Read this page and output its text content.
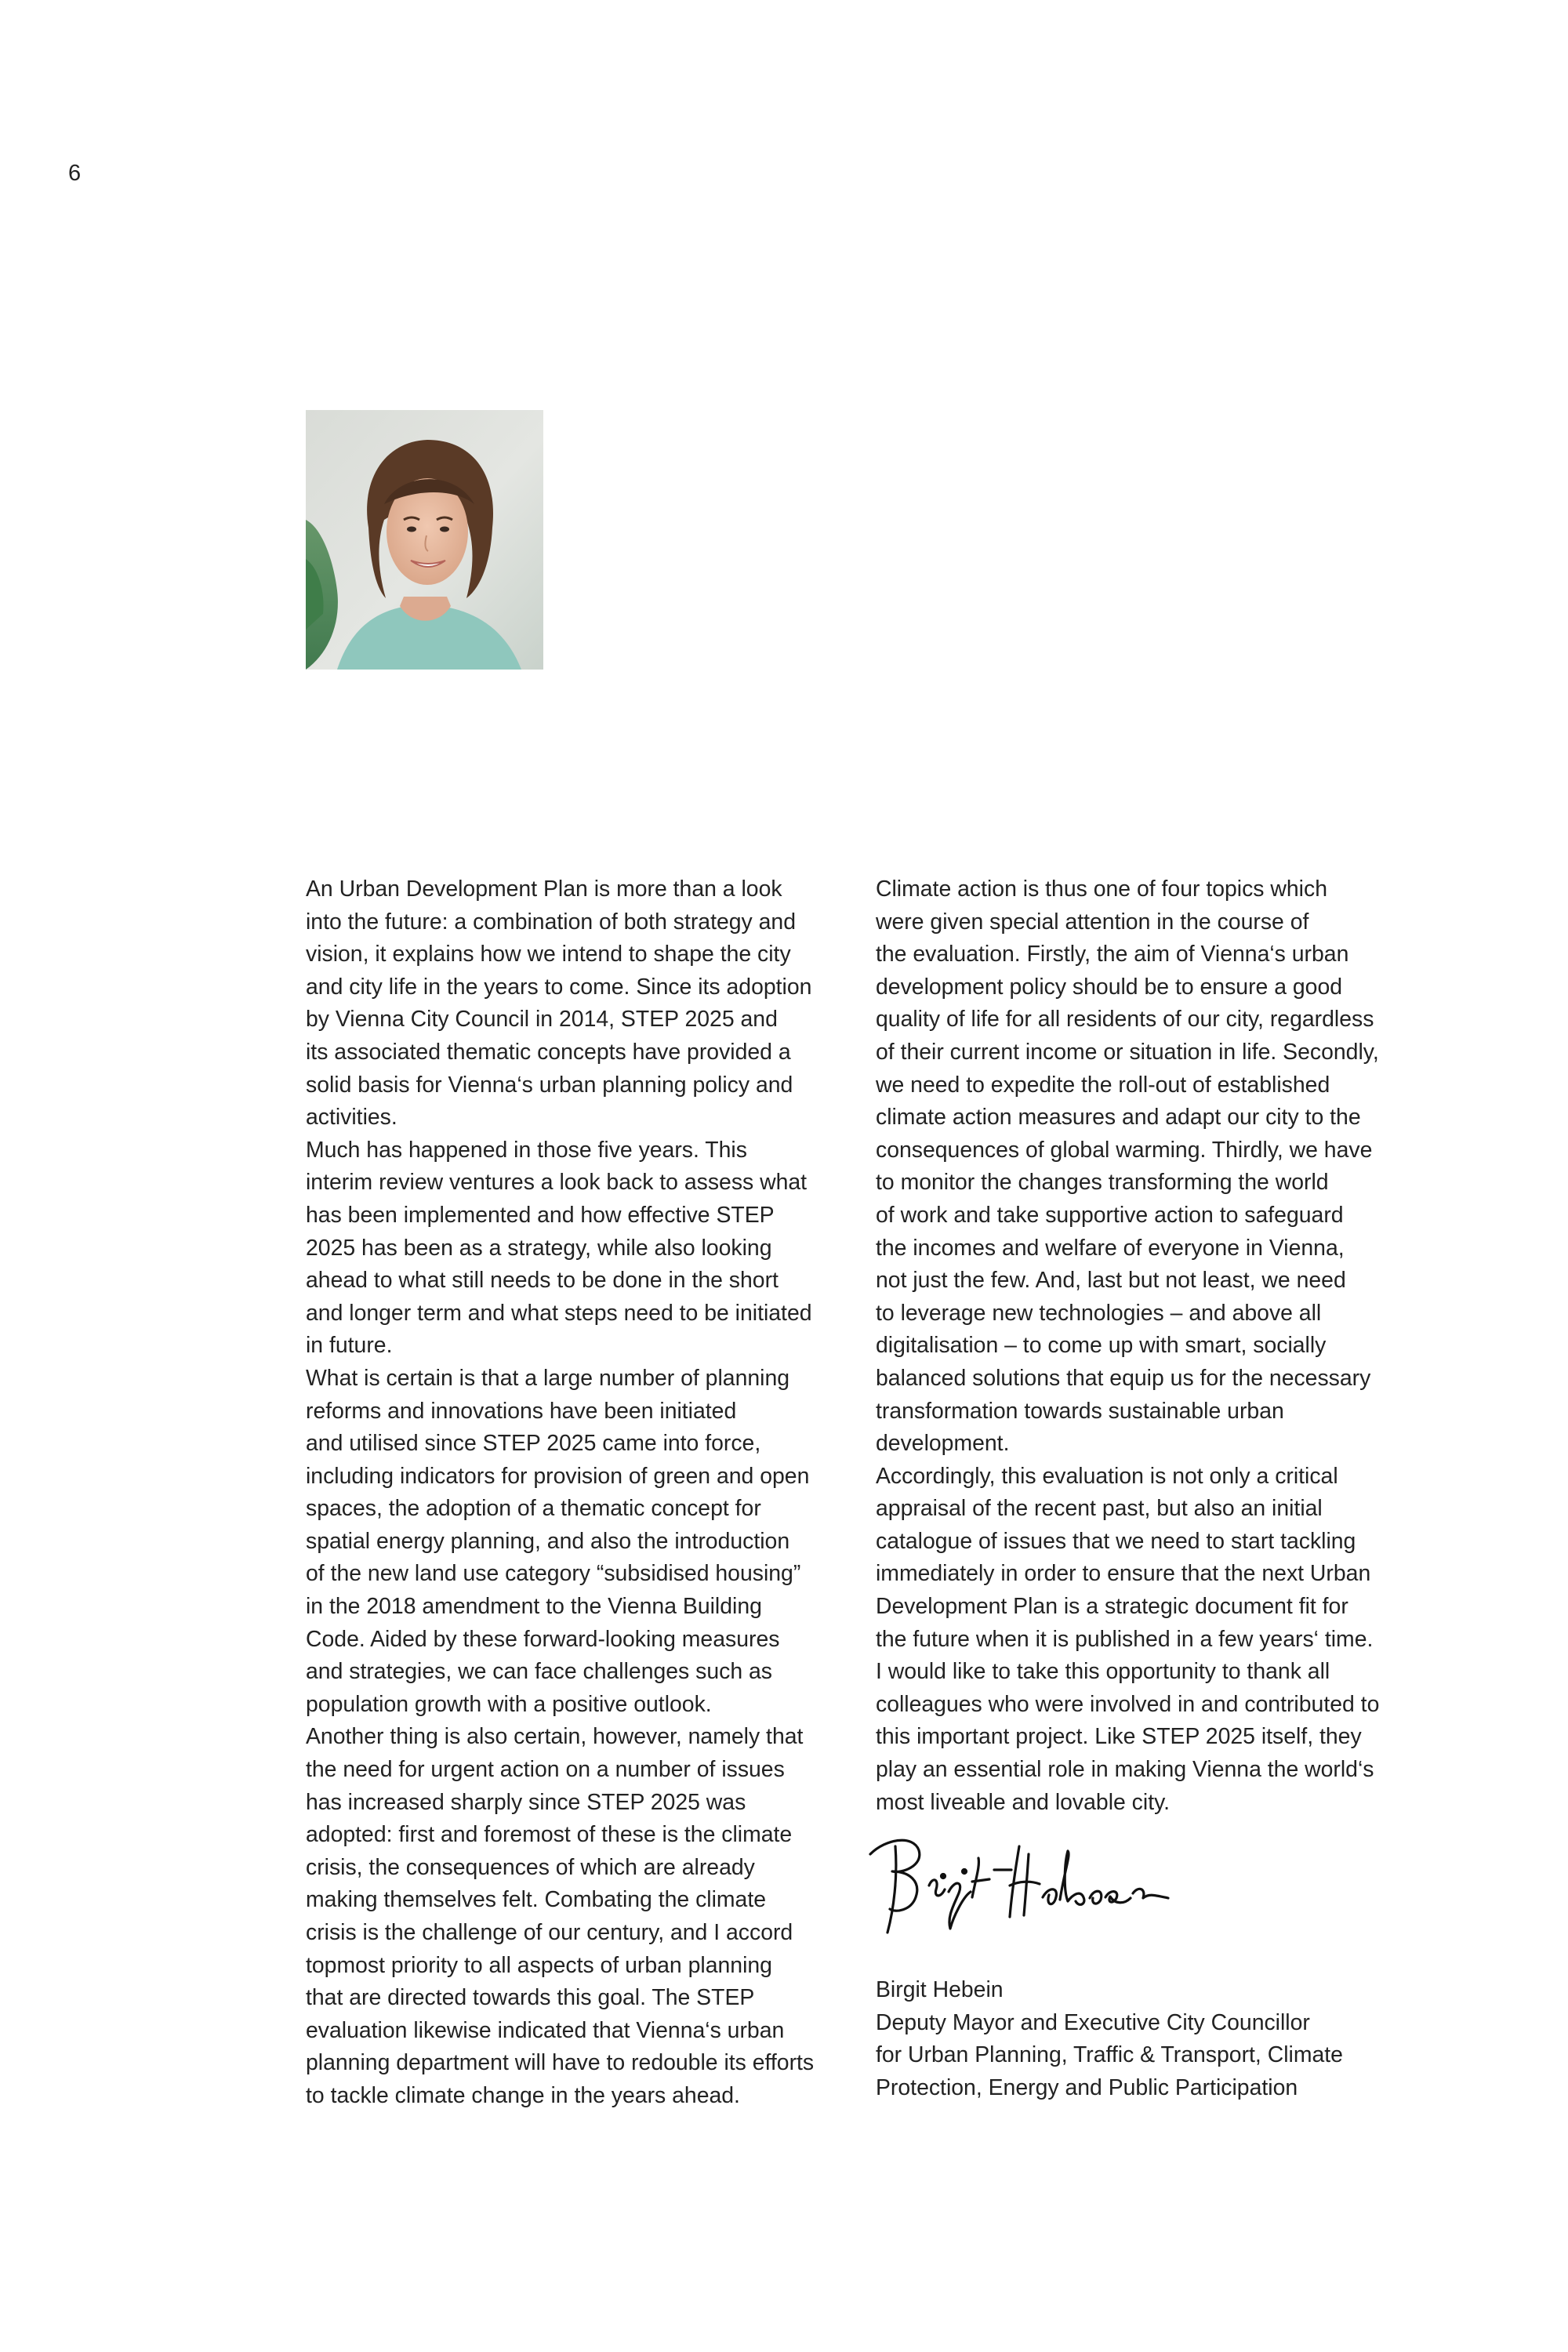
6

An Urban Development Plan is more than a look
into the future: a combination of both strategy and
vision, it explains how we intend to shape the city
and city life in the years to come. Since its adoption
by Vienna City Council in 2014, STEP 2025 and
its associated thematic concepts have provided a
solid basis for Vienna‘s urban planning policy and
activities.

Much has happened in those five years. This
interim review ventures a look back to assess what
has been implemented and how effective STEP
2025 has been as a strategy, while also looking
ahead to what still needs to be done in the short
and longer term and what steps need to be initiated
in future.

What is certain is that a large number of planning
reforms and innovations have been initiated
and utilised since STEP 2025 came into force,
including indicators for provision of green and open
spaces, the adoption of a thematic concept for
spatial energy planning, and also the introduction
of the new land use category “subsidised housing”
in the 2018 amendment to the Vienna Building
Code. Aided by these forward-looking measures
and strategies, we can face challenges such as
population growth with a positive outlook.

Another thing is also certain, however, namely that
the need for urgent action on a number of issues
has increased sharply since STEP 2025 was
adopted: first and foremost of these is the climate
crisis, the consequences of which are already
making themselves felt. Combating the climate
crisis is the challenge of our century, and I accord
topmost priority to all aspects of urban planning
that are directed towards this goal. The STEP
evaluation likewise indicated that Vienna‘s urban
planning department will have to redouble its efforts
to tackle climate change in the years ahead.

Climate action is thus one of four topics which
were given special attention in the course of
the evaluation. Firstly, the aim of Vienna‘s urban
development policy should be to ensure a good
quality of life for all residents of our city, regardless
of their current income or situation in life. Secondly,
we need to expedite the roll-out of established
climate action measures and adapt our city to the
consequences of global warming. Thirdly, we have
to monitor the changes transforming the world
of work and take supportive action to safeguard
the incomes and welfare of everyone in Vienna,
not just the few. And, last but not least, we need
to leverage new technologies – and above all
digitalisation – to come up with smart, socially
balanced solutions that equip us for the necessary
transformation towards sustainable urban
development.

Accordingly, this evaluation is not only a critical
appraisal of the recent past, but also an initial
catalogue of issues that we need to start tackling
immediately in order to ensure that the next Urban
Development Plan is a strategic document fit for
the future when it is published in a few years‘ time.

I would like to take this opportunity to thank all
colleagues who were involved in and contributed to
this important project. Like STEP 2025 itself, they
play an essential role in making Vienna the world‘s
most liveable and lovable city.

Birgit Hebein
Deputy Mayor and Executive City Councillor
for Urban Planning, Traffic & Transport, Climate
Protection, Energy and Public Participation
